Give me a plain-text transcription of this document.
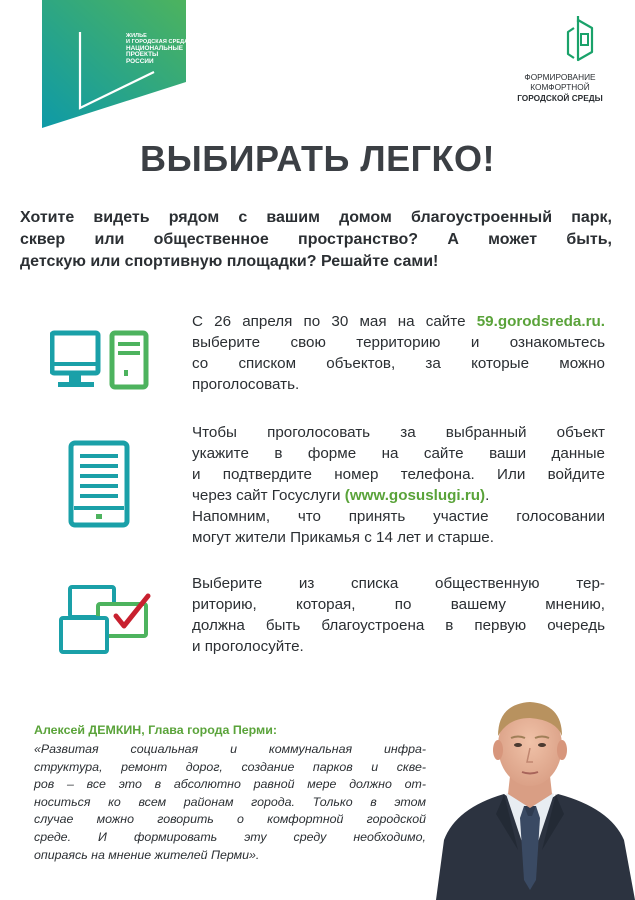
ЖИЛЬЕ
И ГОРОДСКАЯ СРЕДА
НАЦИОНАЛЬНЫЕ
ПРОЕКТЫ
РОССИИ
ФОРМИРОВАНИЕ
КОМФОРТНОЙ
ГОРОДСКОЙ СРЕДЫ
ВЫБИРАТЬ ЛЕГКО!
Хотите видеть рядом с вашим домом благоустроенный парк,
сквер или общественное пространство? А может быть,
детскую или спортивную площадки? Решайте сами!

С 26 апреля по 30 мая на сайте 59.gorodsreda.ru.

выберите свою территорию и ознакомьтесь

со списком объектов, за которые можно

проголосовать.

Чтобы проголосовать за выбранный объект

укажите в форме на сайте ваши данные

и подтвердите номер телефона. Или войдите

через сайт Госуслуги (www.gosuslugi.ru).

Напомним, что принять участие голосовании

могут жители Прикамья с 14 лет и старше.

Выберите из списка общественную тер-

риторию, которая, по вашему мнению,

должна быть благоустроена в первую очередь

и проголосуйте.

Алексей ДЕМКИН, Глава города Перми:
«Развитая социальная и коммунальная инфра-
структура, ремонт дорог, создание парков и скве-
ров – все это в абсолютно равной мере должно от-
носиться ко всем районам города. Только в этом
случае можно говорить о комфортной городской
среде. И формировать эту среду необходимо,
опираясь на мнение жителей Перми».
